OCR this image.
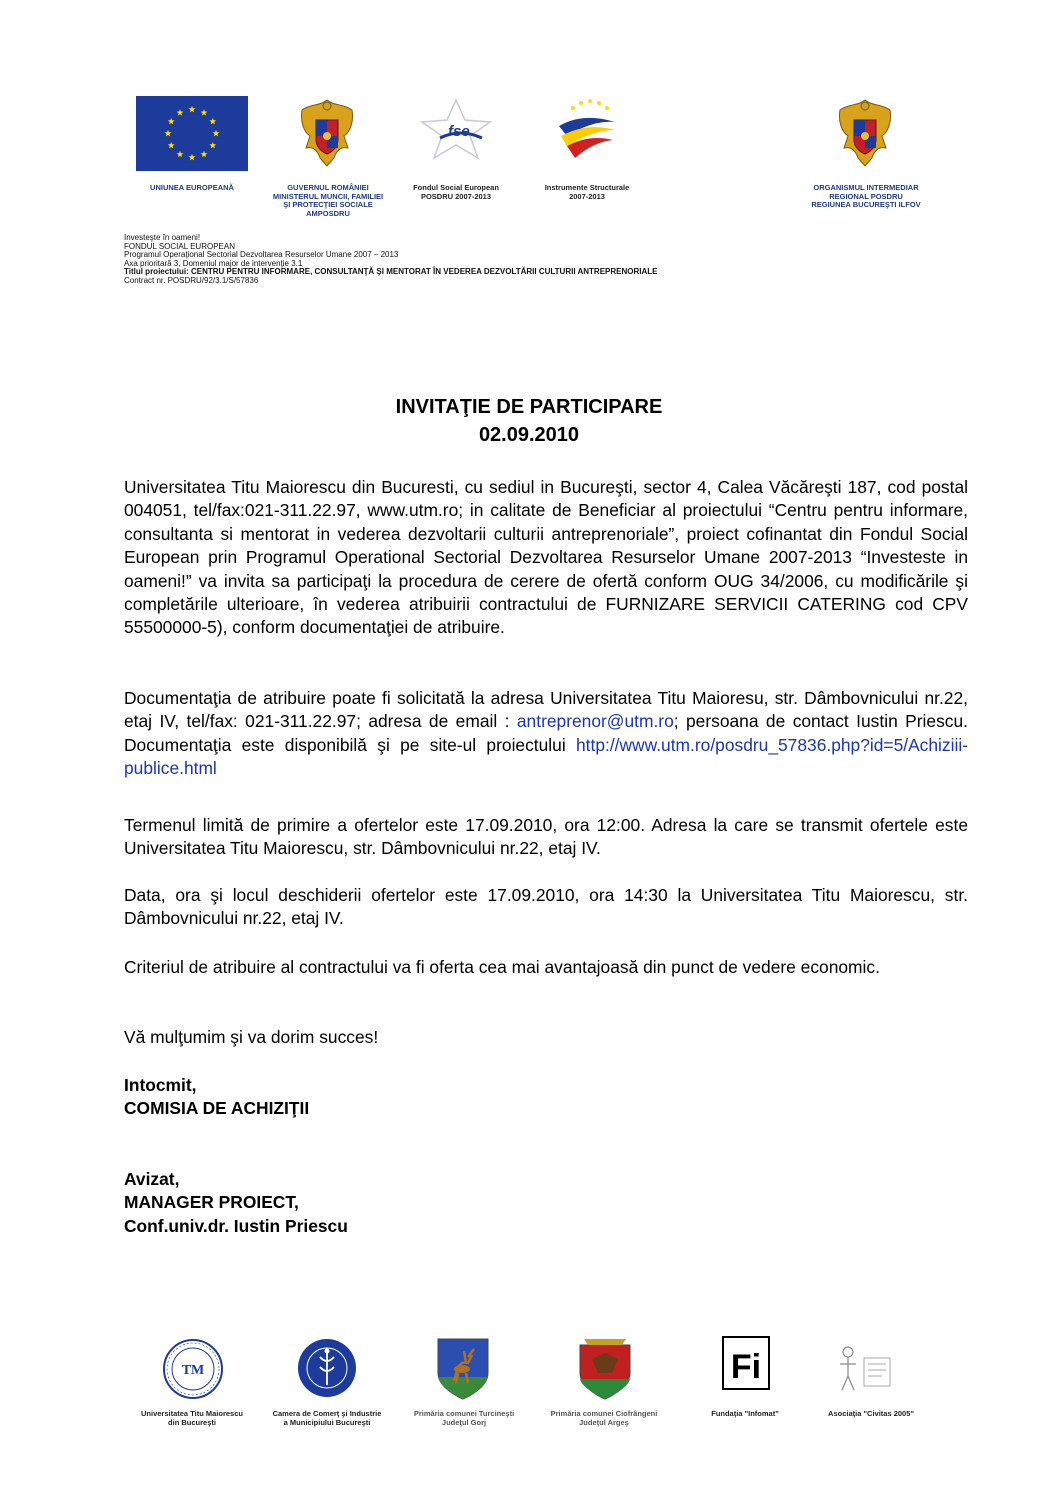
fse
UNIUNEA EUROPEANĂ	GUVERNUL ROMÂNIEI
MINISTERUL MUNCII, FAMILIEI
ŞI PROTECŢIEI SOCIALE
AMPOSDRU
Fondul Social European
POSDRU 2007-2013
Instrumente Structurale
2007-2013
ORGANISMUL INTERMEDIAR
REGIONAL POSDRU
REGIUNEA BUCUREŞTI ILFOV
Investeşte în oameni!
FONDUL SOCIAL EUROPEAN
Programul Operaţional Sectorial Dezvoltarea Resurselor Umane 2007 – 2013
Axa prioritară 3, Domeniul major de intervenţie 3.1
Titlul proiectului: CENTRU PENTRU INFORMARE, CONSULTANŢĂ ŞI MENTORAT ÎN VEDEREA DEZVOLTĂRII CULTURII ANTREPRENORIALE
Contract nr. POSDRU/92/3.1/S/57836
INVITAŢIE DE PARTICIPARE
02.09.2010

Universitatea Titu Maiorescu din Bucuresti, cu sediul in Bucureşti, sector 4, Calea Văcăreşti 187, cod postal 004051, tel/fax:021-311.22.97, www.utm.ro; in calitate de Beneficiar al proiectului “Centru pentru informare, consultanta si mentorat in vederea dezvoltarii culturii antreprenoriale”, proiect cofinantat din Fondul Social European prin Programul Operational Sectorial Dezvoltarea Resurselor Umane 2007-2013 “Investeste in oameni!” va invita sa participaţi la procedura de cerere de ofertă conform OUG 34/2006, cu modificările şi completările ulterioare, în vederea atribuirii contractului de FURNIZARE SERVICII CATERING cod CPV 55500000-5), conform documentaţiei de atribuire.

Documentaţia de atribuire poate fi solicitată la adresa Universitatea Titu Maioresu, str. Dâmbovnicului nr.22, etaj IV, tel/fax: 021-311.22.97; adresa de email : antreprenor@utm.ro; persoana de contact Iustin Priescu. Documentaţia este disponibilă şi pe site-ul proiectului http://www.utm.ro/posdru_57836.php?id=5/Achiziii-publice.html

Termenul limită de primire a ofertelor este 17.09.2010, ora 12:00. Adresa la care se transmit ofertele este Universitatea Titu Maiorescu, str. Dâmbovnicului nr.22, etaj IV.

Data, ora şi locul deschiderii ofertelor este 17.09.2010, ora 14:30 la Universitatea Titu Maiorescu, str. Dâmbovnicului nr.22, etaj IV.

Criteriul de atribuire al contractului va fi oferta cea mai avantajoasă din punct de vedere economic.

Vă mulţumim şi va dorim succes!

Intocmit,
COMISIA DE ACHIZIŢII
Avizat,
MANAGER PROIECT,
Conf.univ.dr. Iustin Priescu
TM	Fi
Universitatea Titu Maiorescu
din Bucureşti
Camera de Comerţ şi Industrie
a Municipiului Bucureşti
Primăria comunei Turcineşti
Judeţul Gorj
Primăria comunei Ciofrângeni
Judeţul Argeş
Fundaţia "Infomat"	Asociaţia "Civitas 2005"
